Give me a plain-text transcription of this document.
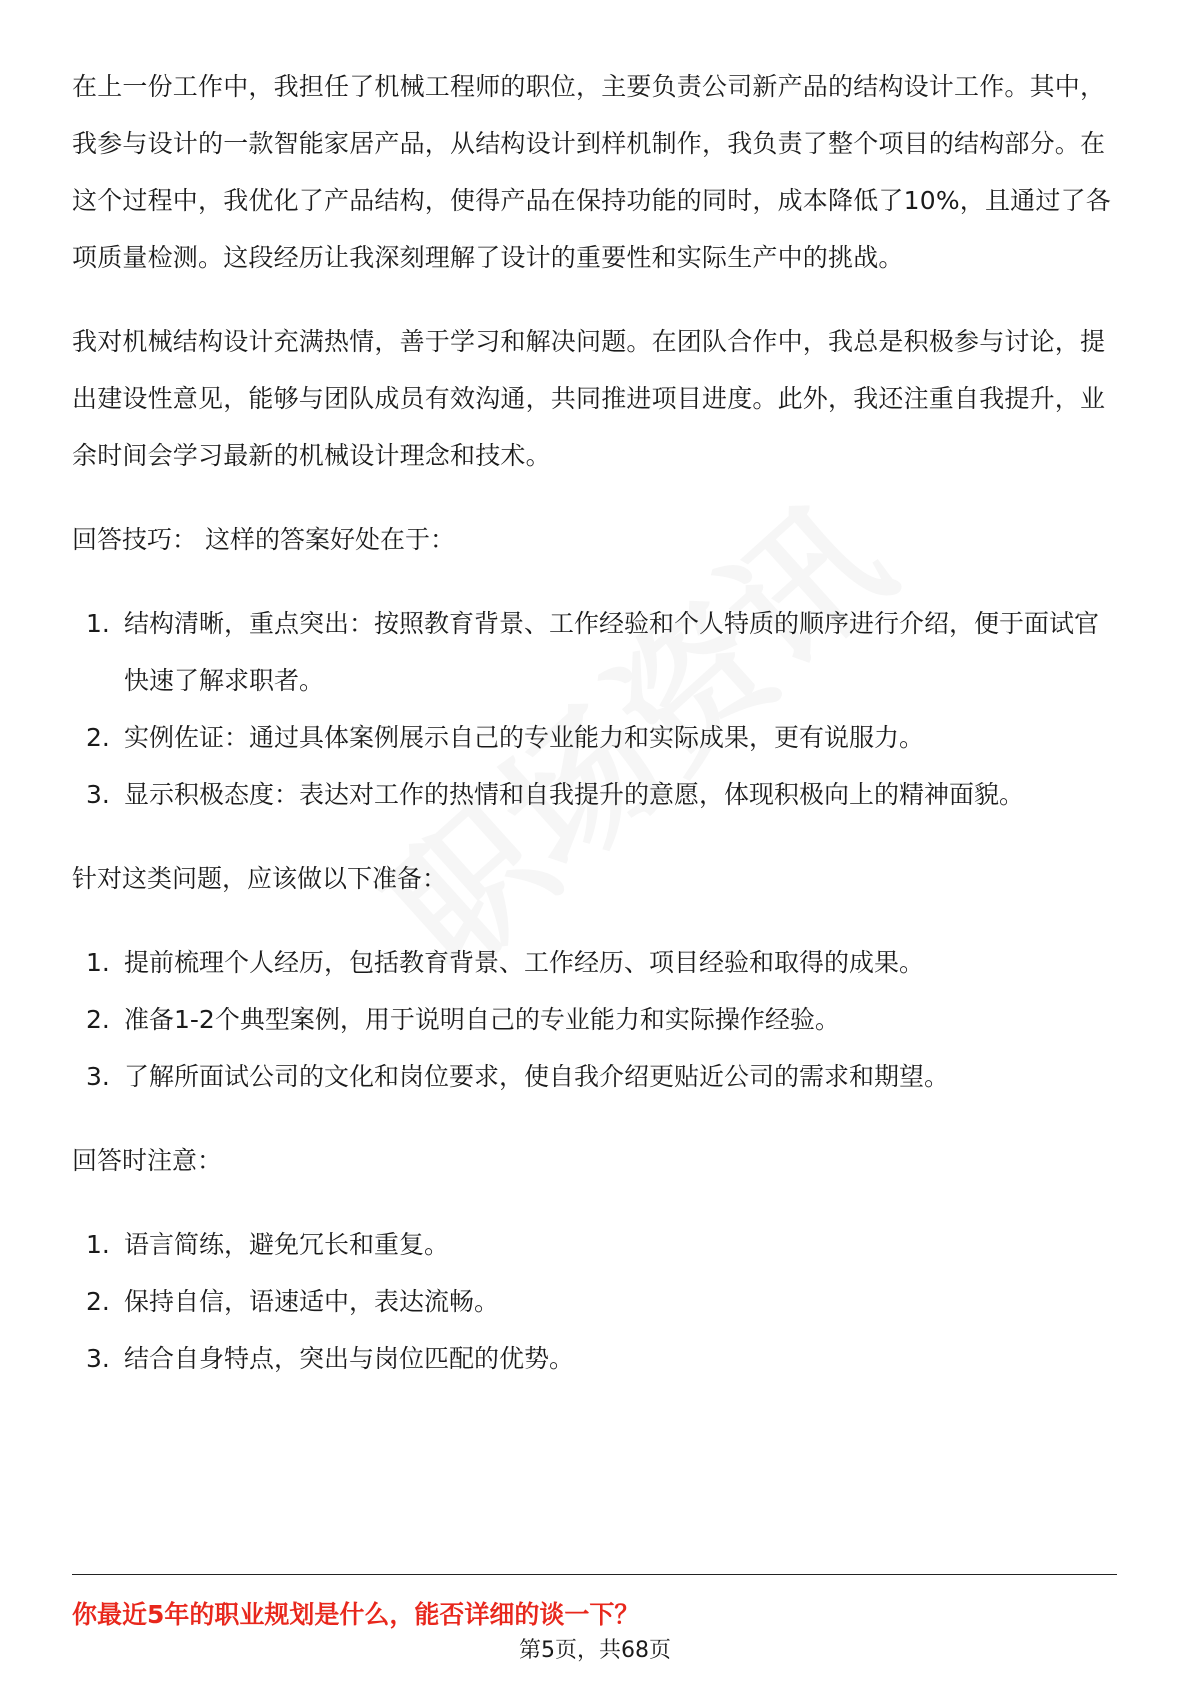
在上一份工作中，我担任了机械工程师的职位，主要负责公司新产品的结构设计工作。其中，我参与设计的一款智能家居产品，从结构设计到样机制作，我负责了整个项目的结构部分。在这个过程中，我优化了产品结构，使得产品在保持功能的同时，成本降低了10%，且通过了各项质量检测。这段经历让我深刻理解了设计的重要性和实际生产中的挑战。

我对机械结构设计充满热情，善于学习和解决问题。在团队合作中，我总是积极参与讨论，提出建设性意见，能够与团队成员有效沟通，共同推进项目进度。此外，我还注重自我提升，业余时间会学习最新的机械设计理念和技术。

回答技巧： 这样的答案好处在于：

1. 结构清晰，重点突出：按照教育背景、工作经验和个人特质的顺序进行介绍，便于面试官快速了解求职者。
2. 实例佐证：通过具体案例展示自己的专业能力和实际成果，更有说服力。
3. 显示积极态度：表达对工作的热情和自我提升的意愿，体现积极向上的精神面貌。

针对这类问题，应该做以下准备：

1. 提前梳理个人经历，包括教育背景、工作经历、项目经验和取得的成果。
2. 准备1-2个典型案例，用于说明自己的专业能力和实际操作经验。
3. 了解所面试公司的文化和岗位要求，使自我介绍更贴近公司的需求和期望。

回答时注意：

1. 语言简练，避免冗长和重复。
2. 保持自信，语速适中，表达流畅。
3. 结合自身特点，突出与岗位匹配的优势。
你最近5年的职业规划是什么，能否详细的谈一下？
第5页，共68页
